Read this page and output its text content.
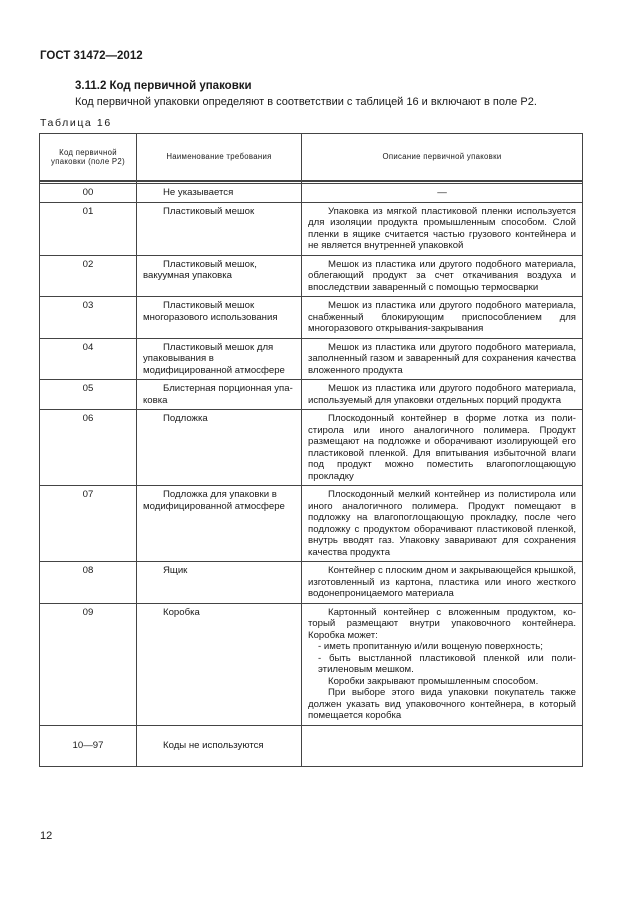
ГОСТ 31472—2012
3.11.2 Код первичной упаковки
Код первичной упаковки определяют в соответствии с таблицей 16 и включают в поле Р2.
Таблица 16
Код первичной упаковки (поле Р2)	Наименование требования	Описание первичной упаковки

00	Не указывается	—
01	Пластиковый мешок	Упаковка из мягкой пластиковой пленки используется для изоляции продукта промышленным способом. Слой пленки в ящике считается частью грузового контейнера и не является внутренней упаковкой

02	Пластиковый мешок, вакуумная упаковка	Мешок из пластика или другого подобного материала, облегающий продукт за счет откачивания воздуха и впоследствии заваренный с помощью термосварки

03	Пластиковый мешок многоразового использования	Мешок из пластика или другого подобного материала, снабженный блокирующим приспособлением для многоразового открывания-закрывания

04	Пластиковый мешок для упаковывания в модифицированной атмосфере	Мешок из пластика или другого подобного материала, заполненный газом и заваренный для сохранения качества вложенного продукта

05	Блистерная порционная упаковка	Мешок из пластика или другого подобного материала, используемый для упаковки отдельных порций продукта

06	Подложка	Плоскодонный контейнер в форме лотка из полистирола или иного аналогичного полимера. Продукт размещают на подложке и оборачивают изолирующей его пластиковой пленкой. Для впитывания избыточной влаги под продукт можно поместить влагопоглощающую прокладку

07	Подложка для упаковки в модифицированной атмосфере	Плоскодонный мелкий контейнер из полистирола или иного аналогичного полимера. Продукт помещают в подложку на влагопоглощающую прокладку, после чего подложку с продуктом оборачивают пластиковой пленкой, внутрь вводят газ. Упаковку заваривают для сохранения качества продукта

08	Ящик	Контейнер с плоским дном и закрывающейся крышкой, изготовленный из картона, пластика или иного жесткого водонепроницаемого материала

09	Коробка	Картонный контейнер с вложенным продуктом, который размещают внутри упаковочного контейнера. Коробка может:

- иметь пропитанную и/или вощеную поверхность;

- быть выстланной пластиковой пленкой или полиэтиленовым мешком.

Коробки закрывают промышленным способом.

При выборе этого вида упаковки покупатель также должен указать вид упаковочного контейнера, в который помещается коробка

10—97	Коды не используются	
12
